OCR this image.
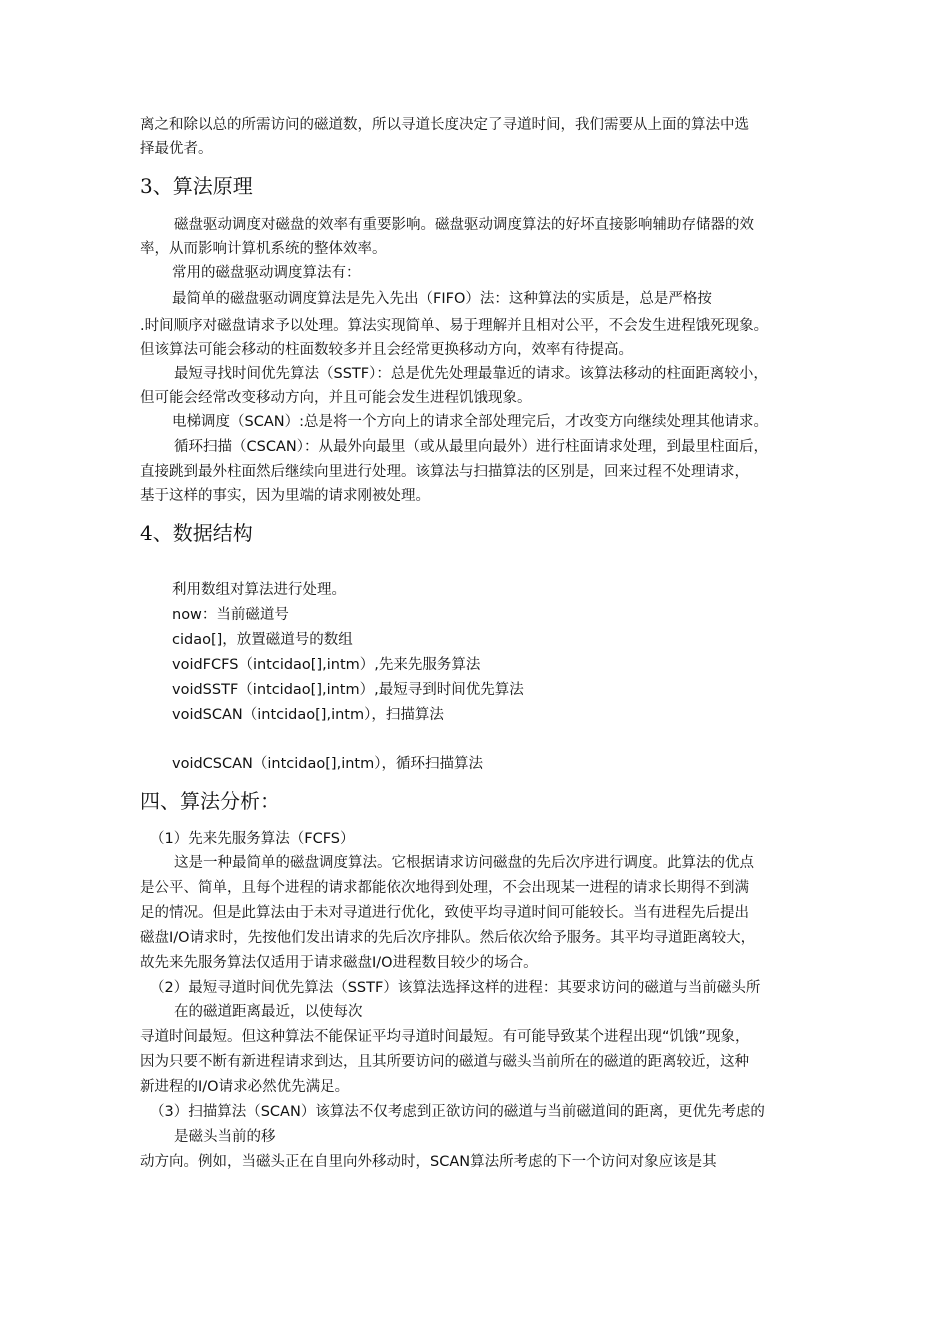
离之和除以总的所需访问的磁道数，所以寻道长度决定了寻道时间，我们需要从上面的算法中选
择最优者。
3、算法原理
磁盘驱动调度对磁盘的效率有重要影响。磁盘驱动调度算法的好坏直接影响辅助存储器的效
率，从而影响计算机系统的整体效率。
常用的磁盘驱动调度算法有：
最简单的磁盘驱动调度算法是先入先出（FIFO）法：这种算法的实质是，总是严格按
.时间顺序对磁盘请求予以处理。算法实现简单、易于理解并且相对公平，不会发生进程饿死现象。
但该算法可能会移动的柱面数较多并且会经常更换移动方向，效率有待提高。
最短寻找时间优先算法（SSTF）：总是优先处理最靠近的请求。该算法移动的柱面距离较小，
但可能会经常改变移动方向，并且可能会发生进程饥饿现象。
电梯调度（SCAN）:总是将一个方向上的请求全部处理完后，才改变方向继续处理其他请求。
循环扫描（CSCAN）：从最外向最里（或从最里向最外）进行柱面请求处理，到最里柱面后，
直接跳到最外柱面然后继续向里进行处理。该算法与扫描算法的区别是，回来过程不处理请求，
基于这样的事实，因为里端的请求刚被处理。
4、数据结构
利用数组对算法进行处理。
now：当前磁道号
cidao[]，放置磁道号的数组
voidFCFS（intcidao[],intm）,先来先服务算法
voidSSTF（intcidao[],intm）,最短寻到时间优先算法
voidSCAN（intcidao[],intm），扫描算法
voidCSCAN（intcidao[],intm），循环扫描算法
四、算法分析：
（1）先来先服务算法（FCFS）
这是一种最简单的磁盘调度算法。它根据请求访问磁盘的先后次序进行调度。此算法的优点
是公平、简单，且每个进程的请求都能依次地得到处理，不会出现某一进程的请求长期得不到满
足的情况。但是此算法由于未对寻道进行优化，致使平均寻道时间可能较长。当有进程先后提出
磁盘I/O请求时，先按他们发出请求的先后次序排队。然后依次给予服务。其平均寻道距离较大，
故先来先服务算法仅适用于请求磁盘I/O进程数目较少的场合。
（2）最短寻道时间优先算法（SSTF）该算法选择这样的进程：其要求访问的磁道与当前磁头所
在的磁道距离最近，以使每次
寻道时间最短。但这种算法不能保证平均寻道时间最短。有可能导致某个进程出现“饥饿”现象，
因为只要不断有新进程请求到达，且其所要访问的磁道与磁头当前所在的磁道的距离较近，这种
新进程的I/O请求必然优先满足。
（3）扫描算法（SCAN）该算法不仅考虑到正欲访问的磁道与当前磁道间的距离，更优先考虑的
是磁头当前的移
动方向。例如，当磁头正在自里向外移动时，SCAN算法所考虑的下一个访问对象应该是其
